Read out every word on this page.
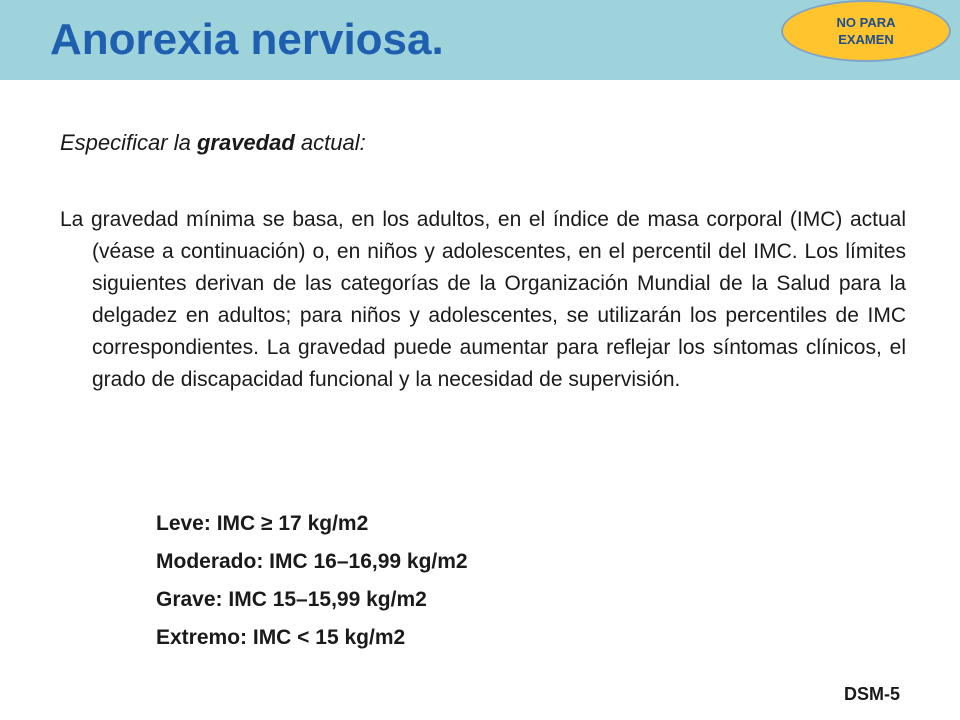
Anorexia nerviosa.	NO PARA
EXAMEN

Especificar la gravedad actual:

La gravedad mínima se basa, en los adultos, en el índice de masa corporal (IMC) actual (véase a continuación) o, en niños y adolescentes, en el percentil del IMC. Los límites siguientes derivan de las categorías de la Organización Mundial de la Salud para la delgadez en adultos; para niños y adolescentes, se utilizarán los percentiles de IMC correspondientes. La gravedad puede aumentar para reflejar los síntomas clínicos, el grado de discapacidad funcional y la necesidad de supervisión.

Leve: IMC ≥ 17 kg/m2
Moderado: IMC 16–16,99 kg/m2
Grave: IMC 15–15,99 kg/m2
Extremo: IMC < 15 kg/m2
DSM-5
